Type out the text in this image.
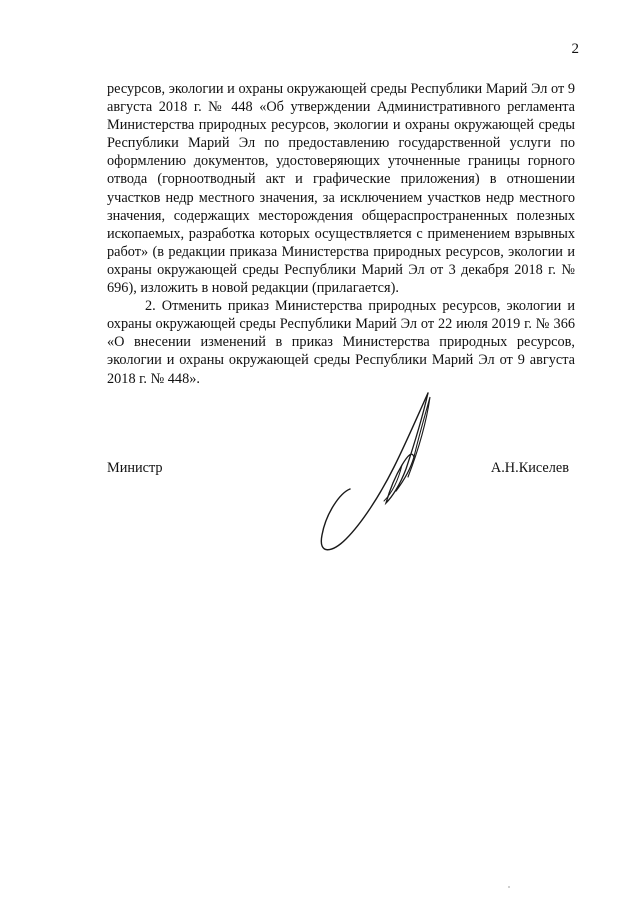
2

ресурсов, экологии и охраны окружающей среды Республики Марий Эл от 9 августа 2018 г. № 448 «Об утверждении Административного регламента Министерства природных ресурсов, экологии и охраны окружающей среды Республики Марий Эл по предоставлению государственной услуги по оформлению документов, удостоверяющих уточненные границы горного отвода (горноотводный акт и графические приложения) в отношении участков недр местного значения, за исключением участков недр местного значения, содержащих месторождения общераспространенных полезных ископаемых, разработка которых осуществляется с применением взрывных работ» (в редакции приказа Министерства природных ресурсов, экологии и охраны окружающей среды Республики Марий Эл от 3 декабря 2018 г. № 696), изложить в новой редакции (прилагается).

2. Отменить приказ Министерства природных ресурсов, экологии и охраны окружающей среды Республики Марий Эл от 22 июля 2019 г. № 366 «О внесении изменений в приказ Министерства природных ресурсов, экологии и охраны окружающей среды Республики Марий Эл от 9 августа 2018 г. № 448».

Министр	А.Н.Киселев
